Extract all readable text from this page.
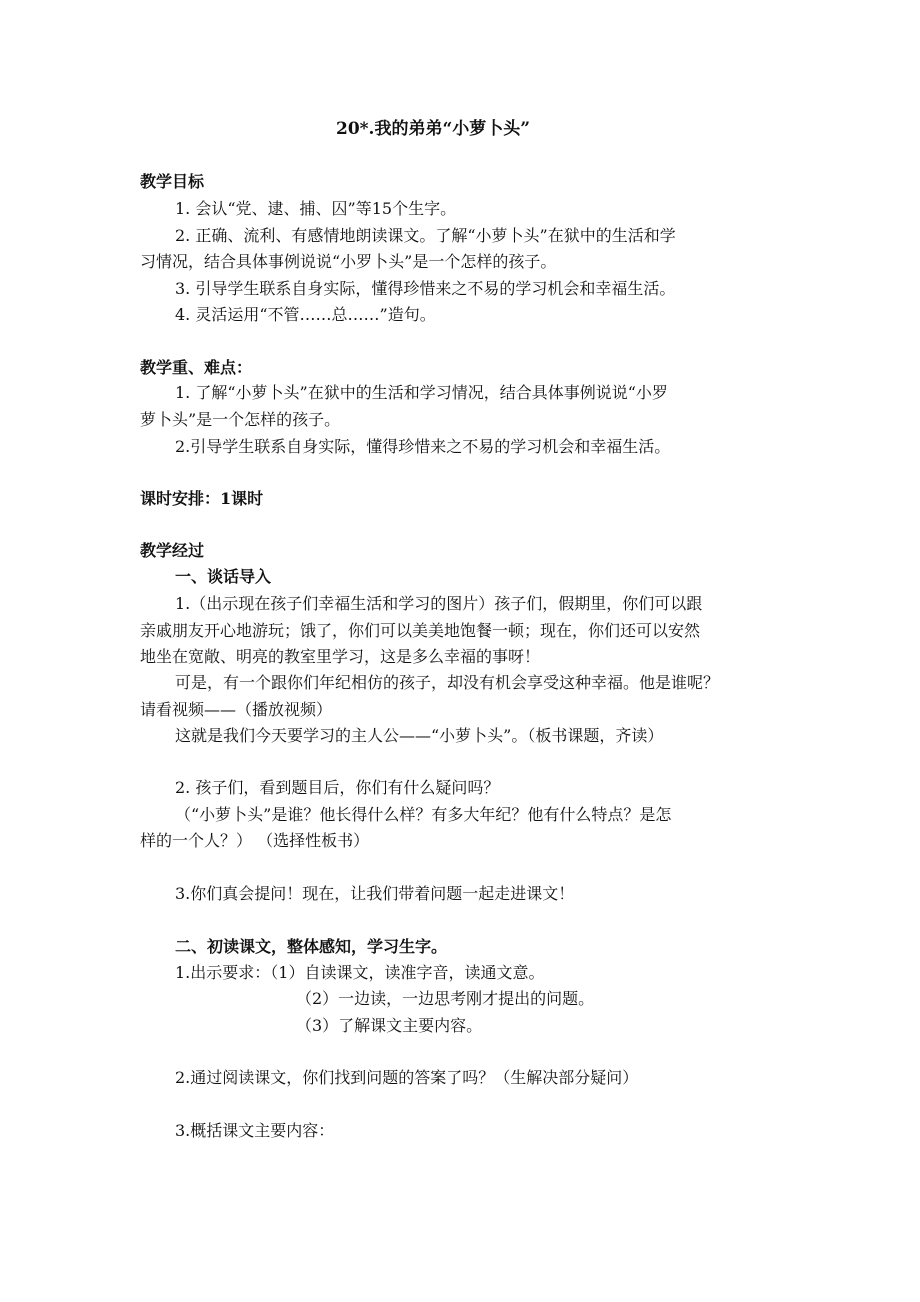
20*.我的弟弟“小萝卜头”
教学目标
1. 会认“党、逮、捕、囚”等15个生字。
2. 正确、流利、有感情地朗读课文。了解“小萝卜头”在狱中的生活和学
习情况，结合具体事例说说“小罗卜头”是一个怎样的孩子。
3. 引导学生联系自身实际，懂得珍惜来之不易的学习机会和幸福生活。
4. 灵活运用“不管……总……”造句。
教学重、难点：
1. 了解“小萝卜头”在狱中的生活和学习情况，结合具体事例说说“小罗
萝卜头”是一个怎样的孩子。
2.引导学生联系自身实际，懂得珍惜来之不易的学习机会和幸福生活。
课时安排：1课时
教学经过
一、谈话导入
1.（出示现在孩子们幸福生活和学习的图片）孩子们，假期里，你们可以跟
亲戚朋友开心地游玩；饿了，你们可以美美地饱餐一顿；现在，你们还可以安然
地坐在宽敞、明亮的教室里学习，这是多么幸福的事呀！
可是，有一个跟你们年纪相仿的孩子，却没有机会享受这种幸福。他是谁呢？
请看视频——（播放视频）
这就是我们今天要学习的主人公——“小萝卜头”。（板书课题，齐读）
2. 孩子们，看到题目后，你们有什么疑问吗？
（“小萝卜头”是谁？他长得什么样？有多大年纪？他有什么特点？是怎
样的一个人？） （选择性板书）
3.你们真会提问！现在，让我们带着问题一起走进课文！
二、初读课文，整体感知，学习生字。
1.出示要求：（1）自读课文，读准字音，读通文意。
（2）一边读，一边思考刚才提出的问题。
（3）了解课文主要内容。
2.通过阅读课文，你们找到问题的答案了吗？（生解决部分疑问）
3.概括课文主要内容：
